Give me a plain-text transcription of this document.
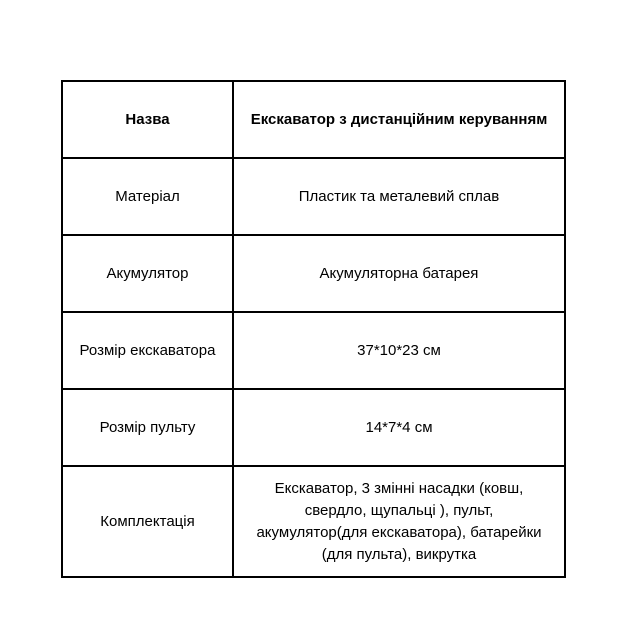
Назва	Екскаватор з дистанційним керуванням
Матеріал	Пластик та металевий сплав
Акумулятор	Акумуляторна батарея
Розмір екскаватора	37*10*23 см
Розмір пульту	14*7*4 см
Комплектація	Екскаватор, 3 змінні насадки (ковш, свердло, щупальці ), пульт, акумулятор(для екскаватора), батарейки (для пульта), викрутка
